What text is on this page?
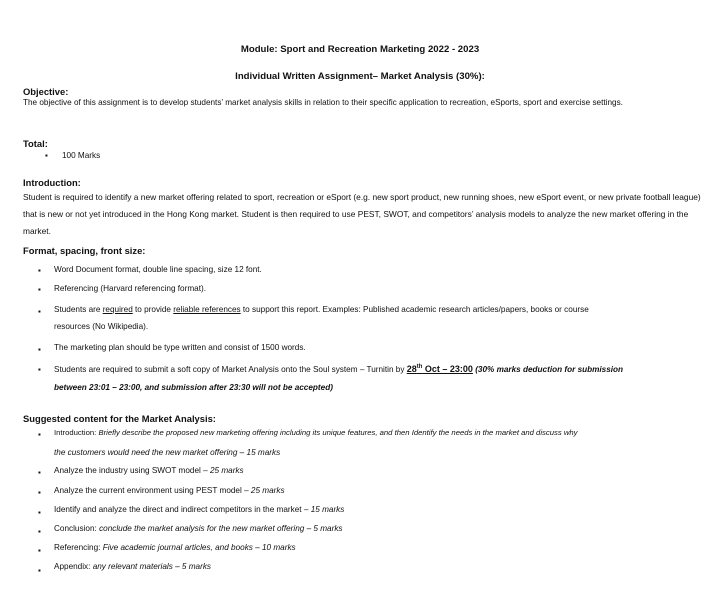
Module: Sport and Recreation Marketing 2022 - 2023
Individual Written Assignment– Market Analysis (30%):
Objective:
The objective of this assignment is to develop students’ market analysis skills in relation to their specific application to recreation, eSports, sport and exercise settings.
Total:
▪ 100 Marks
Introduction:
Student is required to identify a new market offering related to sport, recreation or eSport (e.g. new sport product, new running shoes, new eSport event, or new private football league) that is new or not yet introduced in the Hong Kong market. Student is then required to use PEST, SWOT, and competitors’ analysis models to analyze the new market offering in the market.
Format, spacing, front size:
▪ Word Document format, double line spacing, size 12 font.
▪ Referencing (Harvard referencing format).
▪ Students are required to provide reliable references to support this report. Examples: Published academic research articles/papers, books or course
resources (No Wikipedia).
▪ The marketing plan should be type written and consist of 1500 words.
▪ Students are required to submit a soft copy of Market Analysis onto the Soul system – Turnitin by 28th Oct – 23:00 (30% marks deduction for submission
between 23:01 – 23:00, and submission after 23:30 will not be accepted)
Suggested content for the Market Analysis:
▪ Introduction: Briefly describe the proposed new marketing offering including its unique features, and then Identify the needs in the market and discuss why
the customers would need the new market offering – 15 marks
▪ Analyze the industry using SWOT model – 25 marks
▪ Analyze the current environment using PEST model – 25 marks
▪ Identify and analyze the direct and indirect competitors in the market – 15 marks
▪ Conclusion: conclude the market analysis for the new market offering – 5 marks
▪ Referencing: Five academic journal articles, and books – 10 marks
▪ Appendix: any relevant materials – 5 marks
